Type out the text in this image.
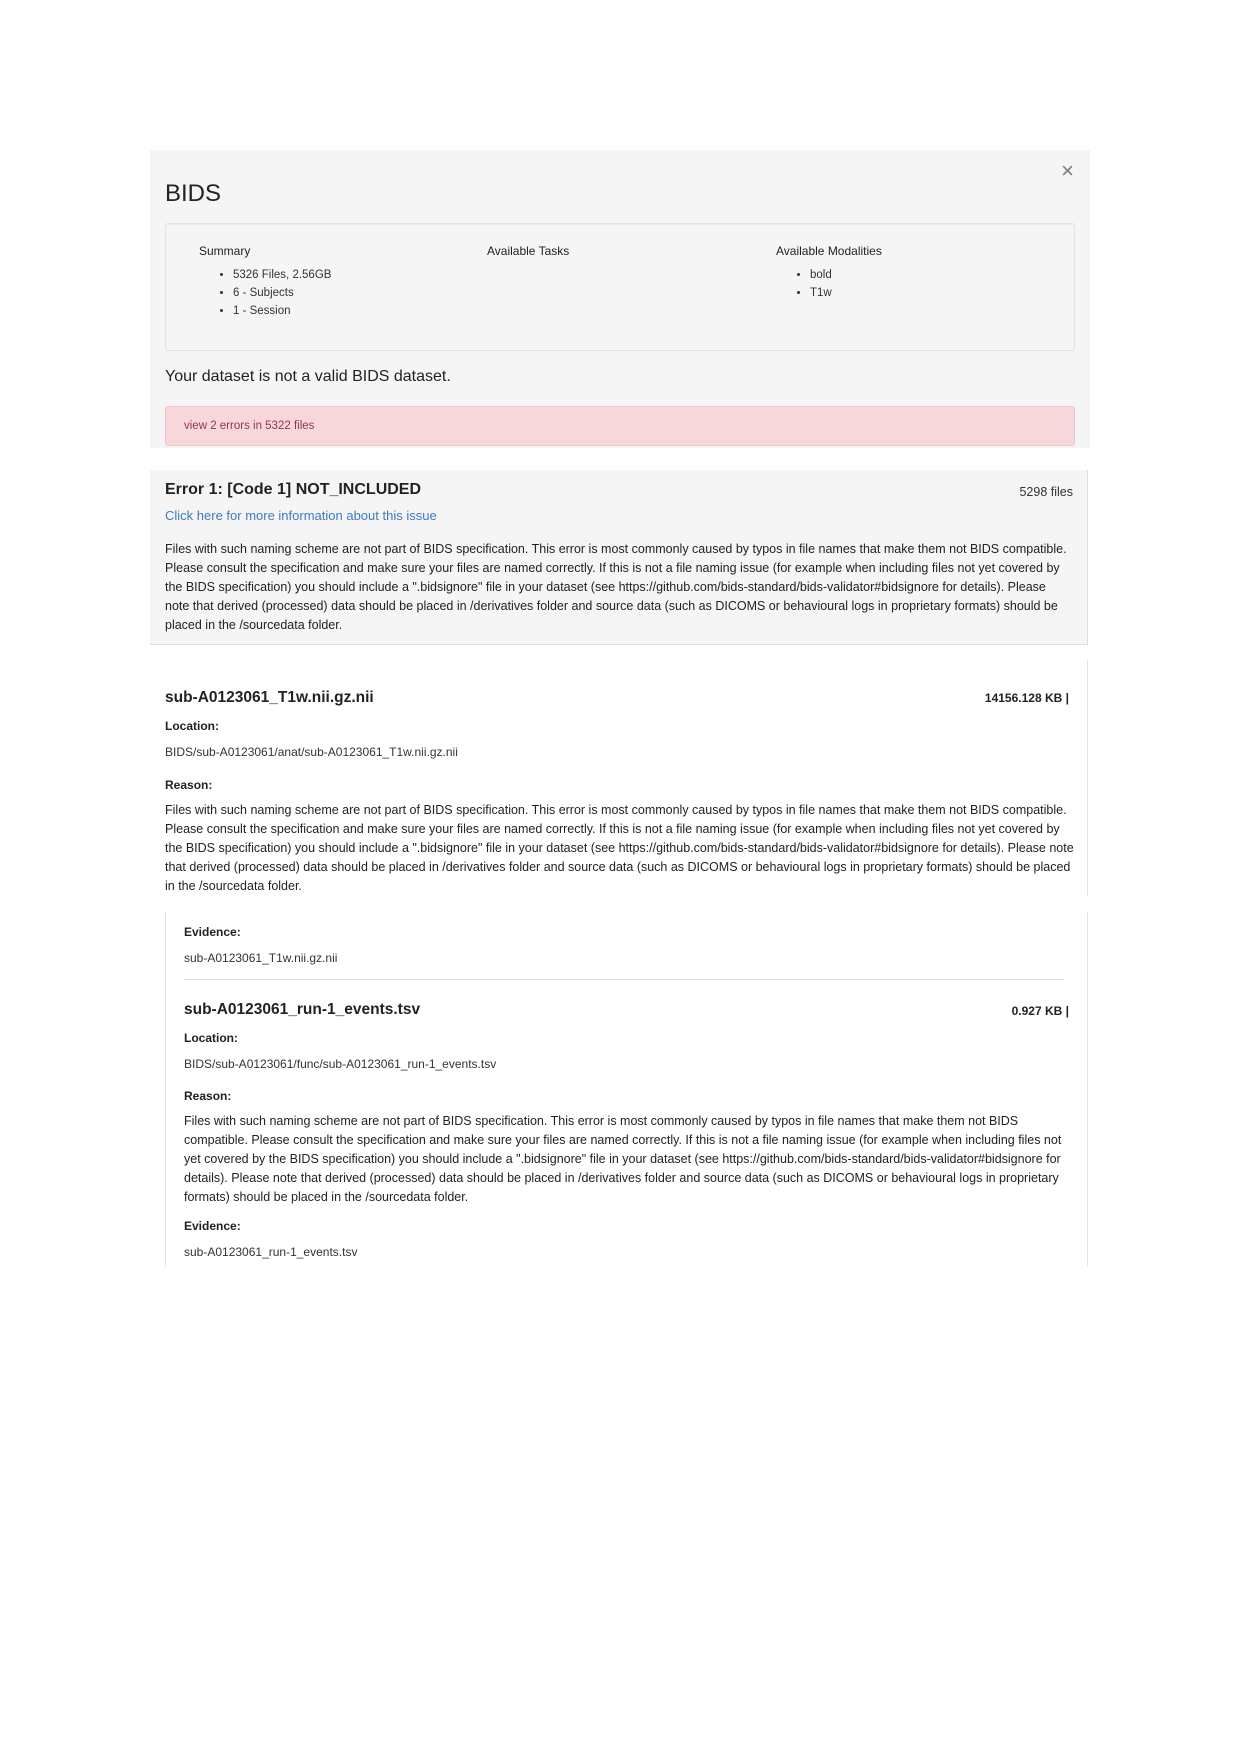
×
BIDS
Summary
• 5326 Files, 2.56GB
• 6 - Subjects
• 1 - Session
Available Tasks	Available Modalities
• bold
• T1w
Your dataset is not a valid BIDS dataset.
view 2 errors in 5322 files
Error 1: [Code 1] NOT_INCLUDED	5298 files
Click here for more information about this issue

Files with such naming scheme are not part of BIDS specification. This error is most commonly caused by typos in file names that make them not BIDS compatible. Please consult the specification and make sure your files are named correctly. If this is not a file naming issue (for example when including files not yet covered by the BIDS specification) you should include a ".bidsignore" file in your dataset (see https://github.com/bids-standard/bids-validator#bidsignore for details). Please note that derived (processed) data should be placed in /derivatives folder and source data (such as DICOMS or behavioural logs in proprietary formats) should be placed in the /sourcedata folder.

sub-A0123061_T1w.nii.gz.nii	14156.128 KB |
Location:
BIDS/sub-A0123061/anat/sub-A0123061_T1w.nii.gz.nii
Reason:

Files with such naming scheme are not part of BIDS specification. This error is most commonly caused by typos in file names that make them not BIDS compatible. Please consult the specification and make sure your files are named correctly. If this is not a file naming issue (for example when including files not yet covered by the BIDS specification) you should include a ".bidsignore" file in your dataset (see https://github.com/bids-standard/bids-validator#bidsignore for details). Please note that derived (processed) data should be placed in /derivatives folder and source data (such as DICOMS or behavioural logs in proprietary formats) should be placed in the /sourcedata folder.

Evidence:
sub-A0123061_T1w.nii.gz.nii
sub-A0123061_run-1_events.tsv	0.927 KB |
Location:
BIDS/sub-A0123061/func/sub-A0123061_run-1_events.tsv
Reason:

Files with such naming scheme are not part of BIDS specification. This error is most commonly caused by typos in file names that make them not BIDS compatible. Please consult the specification and make sure your files are named correctly. If this is not a file naming issue (for example when including files not yet covered by the BIDS specification) you should include a ".bidsignore" file in your dataset (see https://github.com/bids-standard/bids-validator#bidsignore for details). Please note that derived (processed) data should be placed in /derivatives folder and source data (such as DICOMS or behavioural logs in proprietary formats) should be placed in the /sourcedata folder.

Evidence:
sub-A0123061_run-1_events.tsv
